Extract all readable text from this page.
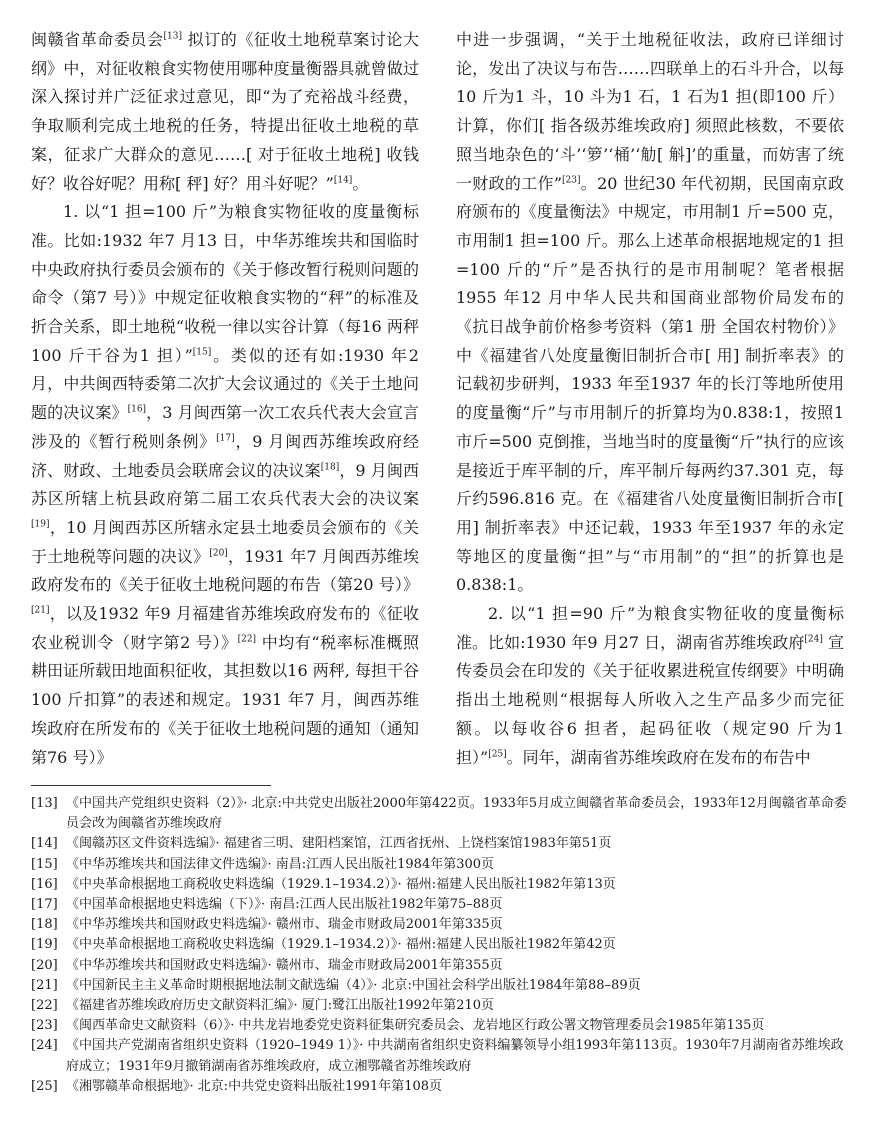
闽赣省革命委员会[13] 拟订的《征收土地税草案讨论大纲》中，对征收粮食实物使用哪种度量衡器具就曾做过深入探讨并广泛征求过意见，即“为了充裕战斗经费，争取顺利完成土地税的任务，特提出征收土地税的草案，征求广大群众的意见……[ 对于征收土地税] 收钱好？收谷好呢？用称[ 秤] 好？用斗好呢？”[14]。

1. 以“1 担=100 斤”为粮食实物征收的度量衡标准。比如:1932 年7 月13 日，中华苏维埃共和国临时中央政府执行委员会颁布的《关于修改暂行税则问题的命令（第7 号）》中规定征收粮食实物的“秤”的标准及折合关系，即土地税“收税一律以实谷计算（每16 两秤100 斤干谷为1 担）”[15]。类似的还有如:1930 年2 月，中共闽西特委第二次扩大会议通过的《关于土地问题的决议案》[16]，3 月闽西第一次工农兵代表大会宣言涉及的《暂行税则条例》[17]，9 月闽西苏维埃政府经济、财政、土地委员会联席会议的决议案[18]，9 月闽西苏区所辖上杭县政府第二届工农兵代表大会的决议案[19]，10 月闽西苏区所辖永定县土地委员会颁布的《关于土地税等问题的决议》[20]，1931 年7 月闽西苏维埃政府发布的《关于征收土地税问题的布告（第20 号）》[21]，以及1932 年9 月福建省苏维埃政府发布的《征收农业税训令（财字第2 号）》[22] 中均有“税率标准概照耕田证所载田地面积征收，其担数以16 两秤, 每担干谷100 斤扣算”的表述和规定。1931 年7 月，闽西苏维埃政府在所发布的《关于征收土地税问题的通知（通知第76 号）》

中进一步强调，“关于土地税征收法，政府已详细讨论，发出了决议与布告……四联单上的石斗升合，以每10 斤为1 斗，10 斗为1 石，1 石为1 担(即100 斤）计算，你们[ 指各级苏维埃政府] 须照此核数，不要依照当地杂色的‘斗’‘箩’‘桶’‘觔[ 斛]’的重量，而妨害了统一财政的工作”[23]。20 世纪30 年代初期，民国南京政府颁布的《度量衡法》中规定，市用制1 斤=500 克，市用制1 担=100 斤。那么上述革命根据地规定的1 担=100 斤的“斤”是否执行的是市用制呢？笔者根据1955 年12 月中华人民共和国商业部物价局发布的《抗日战争前价格参考资料（第1 册 全国农村物价）》中《福建省八处度量衡旧制折合市[ 用] 制折率表》的记载初步研判，1933 年至1937 年的长汀等地所使用的度量衡“斤”与市用制斤的折算均为0.838:1，按照1 市斤=500 克倒推，当地当时的度量衡“斤”执行的应该是接近于库平制的斤，库平制斤每两约37.301 克，每斤约596.816 克。在《福建省八处度量衡旧制折合市[ 用] 制折率表》中还记载，1933 年至1937 年的永定等地区的度量衡“担”与“市用制”的“担”的折算也是0.838:1。

2. 以“1 担=90 斤”为粮食实物征收的度量衡标准。比如:1930 年9 月27 日，湖南省苏维埃政府[24] 宣传委员会在印发的《关于征收累进税宣传纲要》中明确指出土地税则“根据每人所收入之生产品多少而完征额。以每收谷6 担者，起码征收（规定90 斤为1 担）”[25]。同年，湖南省苏维埃政府在发布的布告中

[13] 《中国共产党组织史资料（2）》· 北京:中共党史出版社2000年第422页。1933年5月成立闽赣省革命委员会，1933年12月闽赣省革命委员会改为闽赣省苏维埃政府
[14] 《闽赣苏区文件资料选编》· 福建省三明、建阳档案馆，江西省抚州、上饶档案馆1983年第51页
[15] 《中华苏维埃共和国法律文件选编》· 南昌:江西人民出版社1984年第300页
[16] 《中央革命根据地工商税收史料选编（1929.1–1934.2）》· 福州:福建人民出版社1982年第13页
[17] 《中国革命根据地史料选编（下）》· 南昌:江西人民出版社1982年第75–88页
[18] 《中华苏维埃共和国财政史料选编》· 赣州市、瑞金市财政局2001年第335页
[19] 《中央革命根据地工商税收史料选编（1929.1–1934.2）》· 福州:福建人民出版社1982年第42页
[20] 《中华苏维埃共和国财政史料选编》· 赣州市、瑞金市财政局2001年第355页
[21] 《中国新民主主义革命时期根据地法制文献选编（4）》· 北京:中国社会科学出版社1984年第88–89页
[22] 《福建省苏维埃政府历史文献资料汇编》· 厦门:鹭江出版社1992年第210页
[23] 《闽西革命史文献资料（6）》· 中共龙岩地委党史资料征集研究委员会、龙岩地区行政公署文物管理委员会1985年第135页
[24] 《中国共产党湖南省组织史资料（1920–1949 1）》· 中共湖南省组织史资料编纂领导小组1993年第113页。1930年7月湖南省苏维埃政府成立；1931年9月撤销湖南省苏维埃政府，成立湘鄂赣省苏维埃政府
[25] 《湘鄂赣革命根据地》· 北京:中共党史资料出版社1991年第108页
